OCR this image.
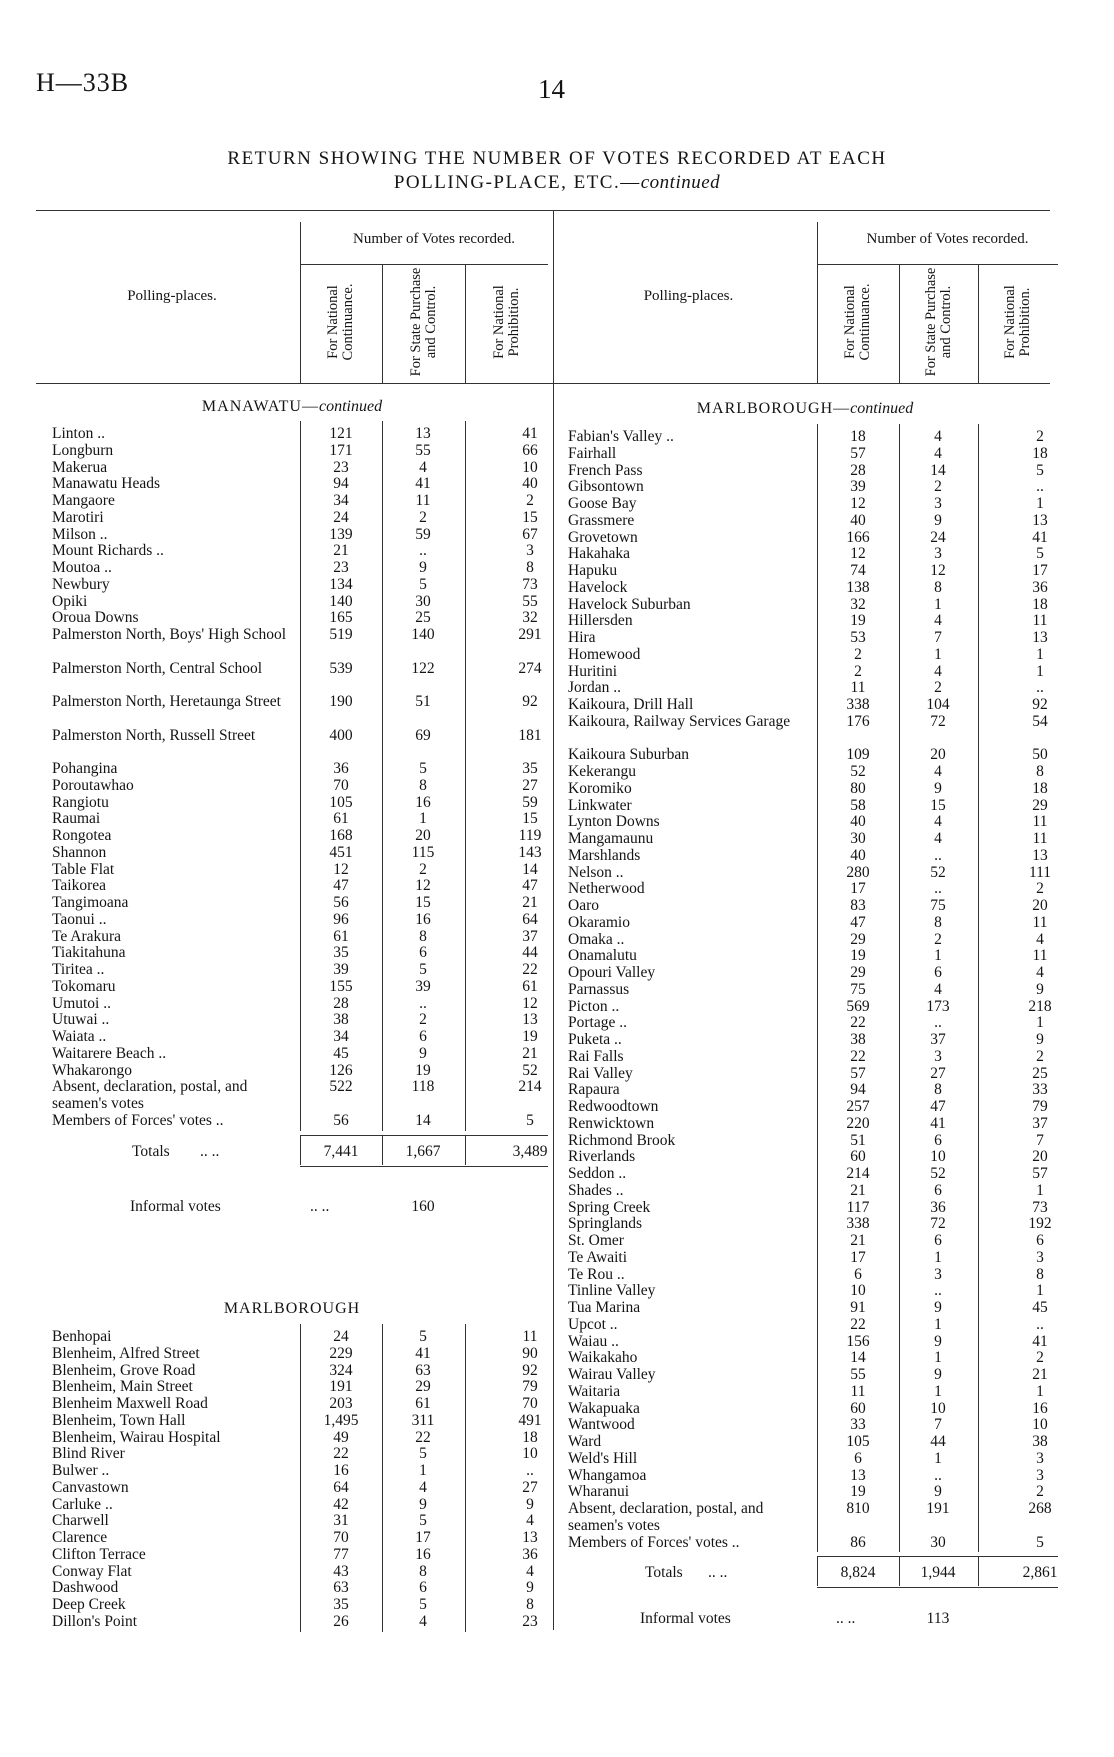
H—33B	14
RETURN SHOWING THE NUMBER OF VOTES RECORDED AT EACH
POLLING-PLACE, ETC.—continued
Polling-places.
Number of Votes recorded.
For National Continuance.	For State Purchase and Control.	For National Prohibition.	Polling-places.
Number of Votes recorded.
For National Continuance.	For State Purchase and Control.	For National Prohibition.
MANAWATU—continued
Linton ..	121	13	41
Longburn	171	55	66
Makerua	23	4	10
Manawatu Heads	94	41	40
Mangaore	34	11	2
Marotiri	24	2	15
Milson ..	139	59	67
Mount Richards ..	21	..	3
Moutoa ..	23	9	8
Newbury	134	5	73
Opiki	140	30	55
Oroua Downs	165	25	32
Palmerston North, Boys' High School	519	140	291
Palmerston North, Central School	539	122	274
Palmerston North, Heretaunga Street	190	51	92
Palmerston North, Russell Street	400	69	181
Pohangina	36	5	35
Poroutawhao	70	8	27
Rangiotu	105	16	59
Raumai	61	1	15
Rongotea	168	20	119
Shannon	451	115	143
Table Flat	12	2	14
Taikorea	47	12	47
Tangimoana	56	15	21
Taonui ..	96	16	64
Te Arakura	61	8	37
Tiakitahuna	35	6	44
Tiritea ..	39	5	22
Tokomaru	155	39	61
Umutoi ..	28	..	12
Utuwai ..	38	2	13
Waiata ..	34	6	19
Waitarere Beach ..	45	9	21
Whakarongo	126	19	52
Absent, declaration, postal, and seamen's votes
522	118	214
Members of Forces' votes ..	56	14	5
Totals .. ..	7,441	1,667	3,489
Informal votes	.. ..	160
MARLBOROUGH
Benhopai	24	5	11
Blenheim, Alfred Street	229	41	90
Blenheim, Grove Road	324	63	92
Blenheim, Main Street	191	29	79
Blenheim Maxwell Road	203	61	70
Blenheim, Town Hall	1,495	311	491
Blenheim, Wairau Hospital	49	22	18
Blind River	22	5	10
Bulwer ..	16	1	..
Canvastown	64	4	27
Carluke ..	42	9	9
Charwell	31	5	4
Clarence	70	17	13
Clifton Terrace	77	16	36
Conway Flat	43	8	4
Dashwood	63	6	9
Deep Creek	35	5	8
Dillon's Point	26	4	23
MARLBOROUGH—continued
Fabian's Valley ..	18	4	2
Fairhall	57	4	18
French Pass	28	14	5
Gibsontown	39	2	..
Goose Bay	12	3	1
Grassmere	40	9	13
Grovetown	166	24	41
Hakahaka	12	3	5
Hapuku	74	12	17
Havelock	138	8	36
Havelock Suburban	32	1	18
Hillersden	19	4	11
Hira	53	7	13
Homewood	2	1	1
Huritini	2	4	1
Jordan ..	11	2	..
Kaikoura, Drill Hall	338	104	92
Kaikoura, Railway Services Garage	176	72	54
Kaikoura Suburban	109	20	50
Kekerangu	52	4	8
Koromiko	80	9	18
Linkwater	58	15	29
Lynton Downs	40	4	11
Mangamaunu	30	4	11
Marshlands	40	..	13
Nelson ..	280	52	111
Netherwood	17	..	2
Oaro	83	75	20
Okaramio	47	8	11
Omaka ..	29	2	4
Onamalutu	19	1	11
Opouri Valley	29	6	4
Parnassus	75	4	9
Picton ..	569	173	218
Portage ..	22	..	1
Puketa ..	38	37	9
Rai Falls	22	3	2
Rai Valley	57	27	25
Rapaura	94	8	33
Redwoodtown	257	47	79
Renwicktown	220	41	37
Richmond Brook	51	6	7
Riverlands	60	10	20
Seddon ..	214	52	57
Shades ..	21	6	1
Spring Creek	117	36	73
Springlands	338	72	192
St. Omer	21	6	6
Te Awaiti	17	1	3
Te Rou ..	6	3	8
Tinline Valley	10	..	1
Tua Marina	91	9	45
Upcot ..	22	1	..
Waiau ..	156	9	41
Waikakaho	14	1	2
Wairau Valley	55	9	21
Waitaria	11	1	1
Wakapuaka	60	10	16
Wantwood	33	7	10
Ward	105	44	38
Weld's Hill	6	1	3
Whangamoa	13	..	3
Wharanui	19	9	2
Absent, declaration, postal, and seamen's votes
810	191	268
Members of Forces' votes ..	86	30	5
Totals .. ..	8,824	1,944	2,861
Informal votes	.. ..	113
